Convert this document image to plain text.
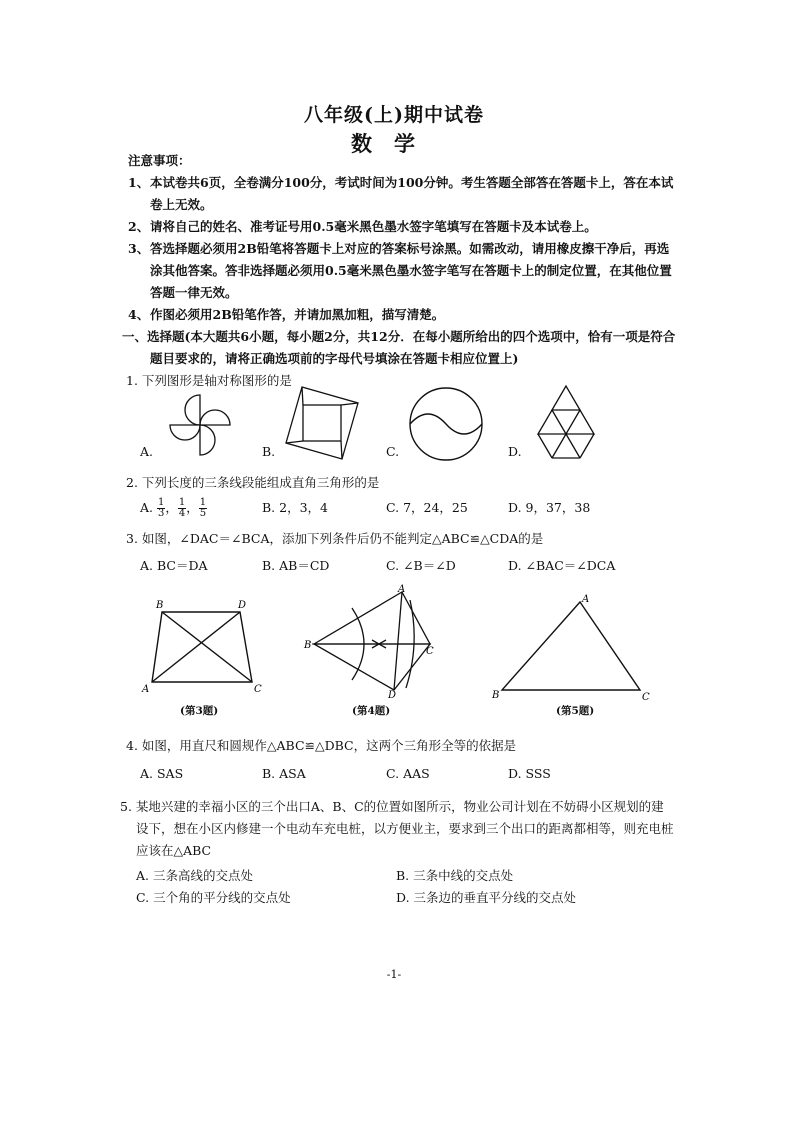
八年级(上)期中试卷
数学
注意事项：
1、 本试卷共6页，全卷满分100分，考试时间为100分钟。考生答题全部答在答题卡上，答在本试
卷上无效。
2、 请将自己的姓名、准考证号用0.5毫米黑色墨水签字笔填写在答题卡及本试卷上。
3、 答选择题必须用2B铅笔将答题卡上对应的答案标号涂黑。如需改动，请用橡皮擦干净后，再选
涂其他答案。答非选择题必须用0.5毫米黑色墨水签字笔写在答题卡上的制定位置，在其他位置
答题一律无效。
4、 作图必须用2B铅笔作答，并请加黑加粗，描写清楚。
一、选择题(本大题共6小题，每小题2分，共12分．在每小题所给出的四个选项中，恰有一项是符合
题目要求的，请将正确选项前的字母代号填涂在答题卡相应位置上)
1. 下列图形是轴对称图形的是
A.	B.	C.	D.
2. 下列长度的三条线段能组成直角三角形的是
A. $\frac{1}{3}$ ， $\frac{1}{4}$ ， $\frac{1}{5}$	B. 2，3，4	C. 7，24，25	D. 9，37，38
3. 如图，∠DAC＝∠BCA，添加下列条件后仍不能判定△ABC≌△CDA的是
A. BC＝DA	B. AB＝CD	C. ∠B＝∠D	D. ∠BAC＝∠DCA
B	D
A	C
(第3题)
A
B
C
D
(第4题)
A
B	C
(第5题)
4. 如图，用直尺和圆规作△ABC≌△DBC，这两个三角形全等的依据是
A. SAS	B. ASA	C. AAS	D. SSS
5. 某地兴建的幸福小区的三个出口A、B、C的位置如图所示，物业公司计划在不妨碍小区规划的建
设下，想在小区内修建一个电动车充电桩，以方便业主，要求到三个出口的距离都相等，则充电桩
应该在△ABC
A. 三条高线的交点处	B. 三条中线的交点处
C. 三个角的平分线的交点处	D. 三条边的垂直平分线的交点处
-1-
